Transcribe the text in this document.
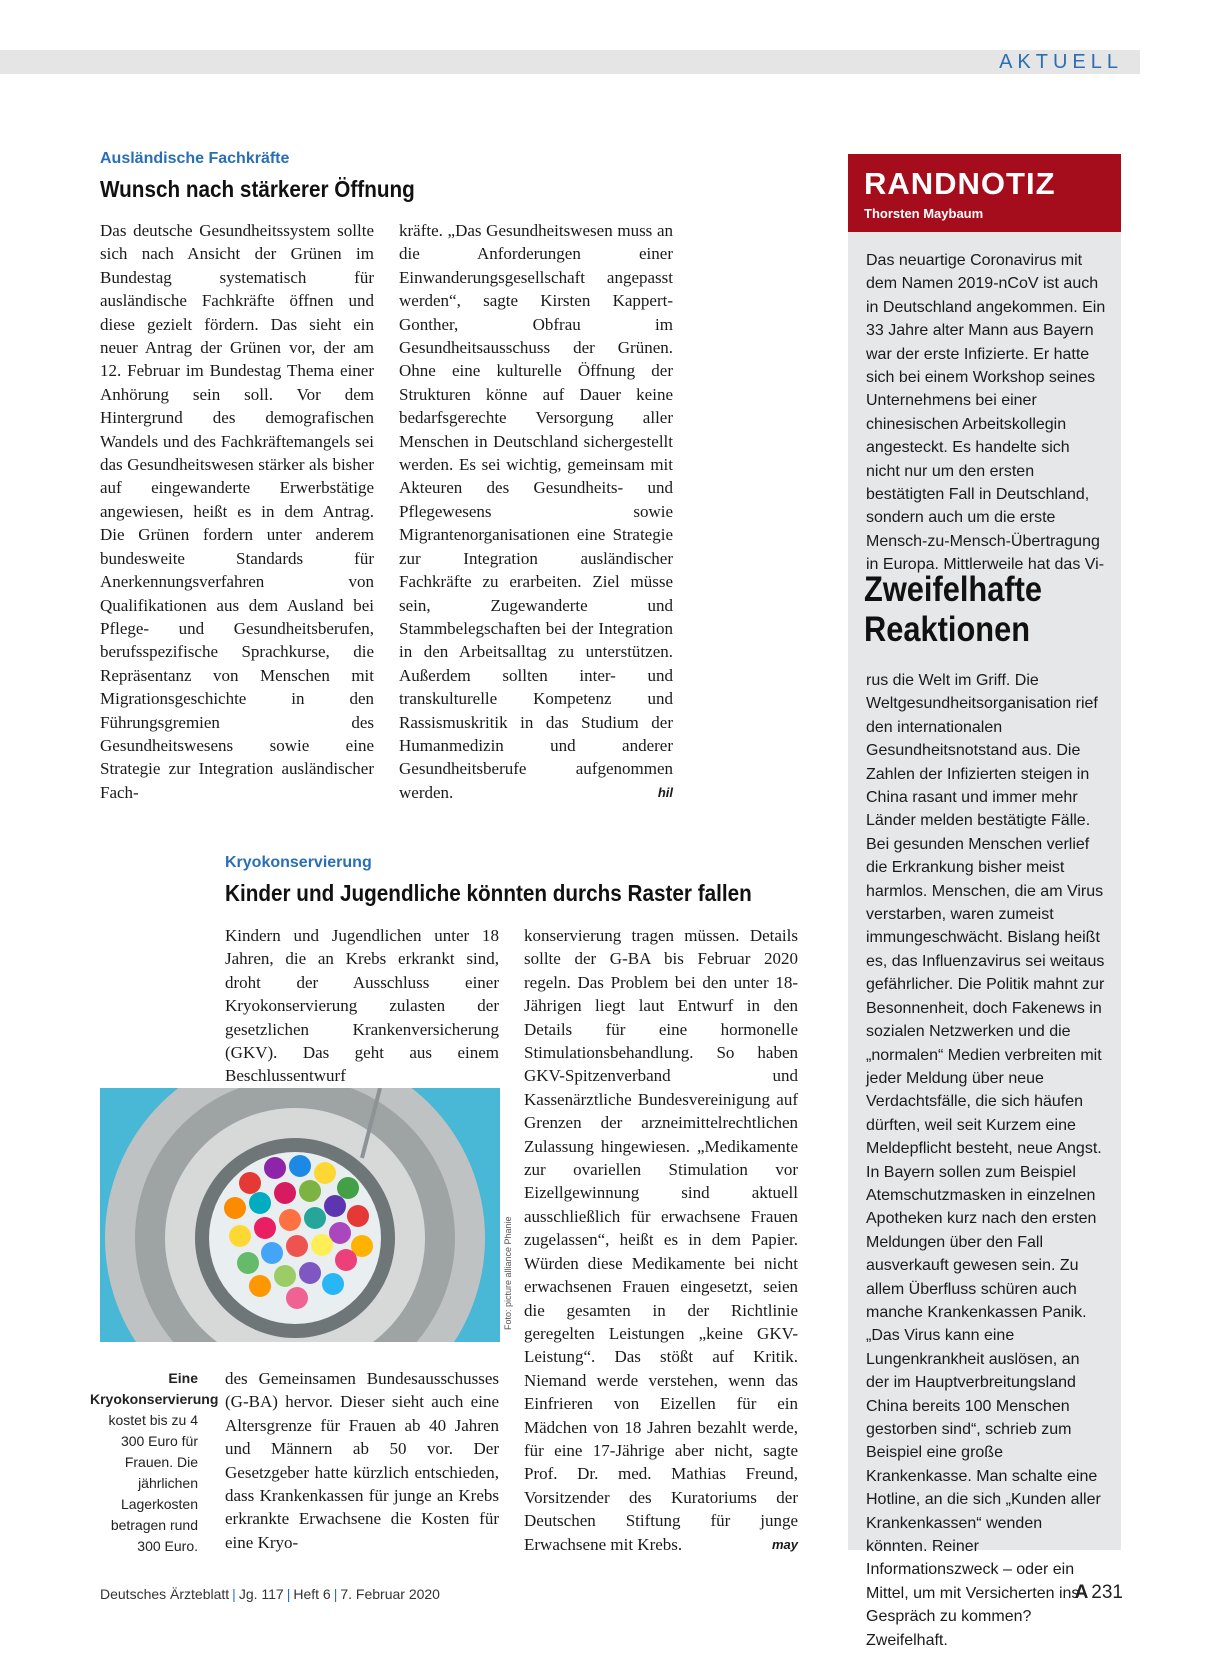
AKTUELL
Ausländische Fachkräfte
Wunsch nach stärkerer Öffnung
Das deutsche Gesundheitssystem sollte sich nach Ansicht der Grünen im Bundestag systematisch für ausländische Fachkräfte öffnen und diese gezielt fördern. Das sieht ein neuer Antrag der Grünen vor, der am 12. Februar im Bundestag Thema einer Anhörung sein soll. Vor dem Hintergrund des demografischen Wandels und des Fachkräftemangels sei das Gesundheitswesen stärker als bisher auf eingewanderte Erwerbstätige angewiesen, heißt es in dem Antrag. Die Grünen fordern unter anderem bundesweite Standards für Anerkennungsverfahren von Qualifikationen aus dem Ausland bei Pflege- und Gesundheitsberufen, berufsspezifische Sprachkurse, die Repräsentanz von Menschen mit Migrationsgeschichte in den Führungsgremien des Gesundheitswesens sowie eine Strategie zur Integration ausländischer Fach-
kräfte. „Das Gesundheitswesen muss an die Anforderungen einer Einwanderungsgesellschaft angepasst werden“, sagte Kirsten Kappert-Gonther, Obfrau im Gesundheitsausschuss der Grünen. Ohne eine kulturelle Öffnung der Strukturen könne auf Dauer keine bedarfsgerechte Versorgung aller Menschen in Deutschland sichergestellt werden. Es sei wichtig, gemeinsam mit Akteuren des Gesundheits- und Pflegewesens sowie Migrantenorganisationen eine Strategie zur Integration ausländischer Fachkräfte zu erarbeiten. Ziel müsse sein, Zugewanderte und Stammbelegschaften bei der Integration in den Arbeitsalltag zu unterstützen. Außerdem sollten inter- und transkulturelle Kompetenz und Rassismuskritik in das Studium der Humanmedizin und anderer Gesundheitsberufe aufgenommen werden.	hil
Kryokonservierung
Kinder und Jugendliche könnten durchs Raster fallen
Kindern und Jugendlichen unter 18 Jahren, die an Krebs erkrankt sind, droht der Ausschluss einer Kryokonservierung zulasten der gesetzlichen Krankenversicherung (GKV). Das geht aus einem Beschlussentwurf
Foto: picture alliance Phanie
Eine Kryokonservierung kostet bis zu 4 300 Euro für Frauen. Die jährlichen Lagerkosten betragen rund 300 Euro.
des Gemeinsamen Bundesausschusses (G-BA) hervor. Dieser sieht auch eine Altersgrenze für Frauen ab 40 Jahren und Männern ab 50 vor. Der Gesetzgeber hatte kürzlich entschieden, dass Krankenkassen für junge an Krebs erkrankte Erwachsene die Kosten für eine Kryo-
konservierung tragen müssen. Details sollte der G-BA bis Februar 2020 regeln. Das Problem bei den unter 18-Jährigen liegt laut Entwurf in den Details für eine hormonelle Stimulationsbehandlung. So haben GKV-Spitzenverband und Kassenärztliche Bundesvereinigung auf Grenzen der arzneimittelrechtlichen Zulassung hingewiesen. „Medikamente zur ovariellen Stimulation vor Eizellgewinnung sind aktuell ausschließlich für erwachsene Frauen zugelassen“, heißt es in dem Papier. Würden diese Medikamente bei nicht erwachsenen Frauen eingesetzt, seien die gesamten in der Richtlinie geregelten Leistungen „keine GKV-Leistung“. Das stößt auf Kritik. Niemand werde verstehen, wenn das Einfrieren von Eizellen für ein Mädchen von 18 Jahren bezahlt werde, für eine 17-Jährige aber nicht, sagte Prof. Dr. med. Mathias Freund, Vorsitzender des Kuratoriums der Deutschen Stiftung für junge Erwachsene mit Krebs.	may
RANDNOTIZ
Thorsten Maybaum
Das neuartige Coronavirus mit dem Namen 2019-nCoV ist auch in Deutschland angekommen. Ein 33 Jahre alter Mann aus Bayern war der erste Infizierte. Er hatte sich bei einem Workshop seines Unternehmens bei einer chinesischen Arbeitskollegin angesteckt. Es handelte sich nicht nur um den ersten bestätigten Fall in Deutschland, sondern auch um die erste Mensch-zu-Mensch-Übertragung in Europa. Mittlerweile hat das Vi-
Zweifelhafte
Reaktionen
rus die Welt im Griff. Die Weltgesundheitsorganisation rief den internationalen Gesundheitsnotstand aus. Die Zahlen der Infizierten steigen in China rasant und immer mehr Länder melden bestätigte Fälle. Bei gesunden Menschen verlief die Erkrankung bisher meist harmlos. Menschen, die am Virus verstarben, waren zumeist immungeschwächt. Bislang heißt es, das Influenzavirus sei weitaus gefährlicher. Die Politik mahnt zur Besonnenheit, doch Fakenews in sozialen Netzwerken und die „normalen“ Medien verbreiten mit jeder Meldung über neue Verdachtsfälle, die sich häufen dürften, weil seit Kurzem eine Meldepflicht besteht, neue Angst. In Bayern sollen zum Beispiel Atemschutzmasken in einzelnen Apotheken kurz nach den ersten Meldungen über den Fall ausverkauft gewesen sein. Zu allem Überfluss schüren auch manche Krankenkassen Panik. „Das Virus kann eine Lungenkrankheit auslösen, an der im Hauptverbreitungsland China bereits 100 Menschen gestorben sind“, schrieb zum Beispiel eine große Krankenkasse. Man schalte eine Hotline, an die sich „Kunden aller Krankenkassen“ wenden könnten. Reiner Informationszweck – oder ein Mittel, um mit Versicherten ins Gespräch zu kommen? Zweifelhaft.
Deutsches Ärzteblatt | Jg. 117 | Heft 6 | 7. Februar 2020	A 231
